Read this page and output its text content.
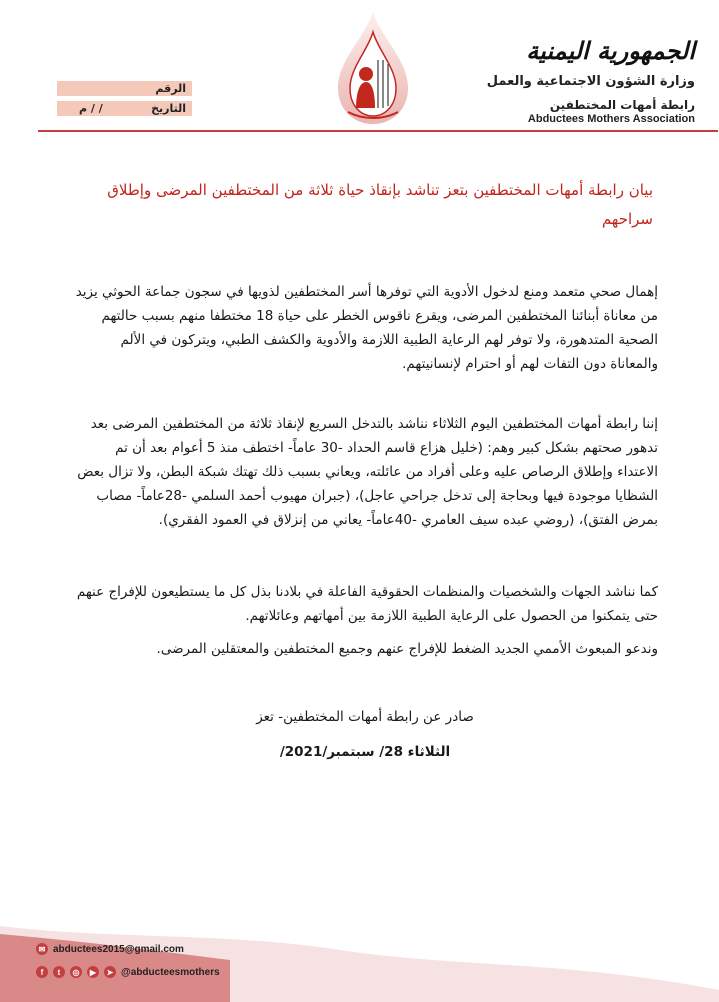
الرقم
التاريخ
/ / م
الجمهورية اليمنية
وزارة الشؤون الاجتماعية والعمل
رابطة أمهات المختطفين
Abductees Mothers Association
بيان رابطة أمهات المختطفين بتعز تناشد بإنقاذ حياة ثلاثة من المختطفين المرضى وإطلاق سراحهم
إهمال صحي متعمد ومنع لدخول الأدوية التي توفرها أسر المختطفين لذويها في سجون جماعة الحوثي يزيد من معاناة أبنائنا المختطفين المرضى، ويقرع ناقوس الخطر على حياة 18 مختطفا منهم بسبب حالتهم الصحية المتدهورة، ولا توفر لهم الرعاية الطبية اللازمة والأدوية والكشف الطبي، ويتركون في الألم والمعاناة دون التفات لهم أو احترام لإنسانيتهم.
إننا رابطة أمهات المختطفين اليوم الثلاثاء نناشد بالتدخل السريع لإنقاذ ثلاثة من المختطفين المرضى بعد تدهور صحتهم بشكل كبير وهم: (خليل هزاع قاسم الحداد -30 عاماً- اختطف منذ 5 أعوام بعد أن تم الاعتداء وإطلاق الرصاص عليه وعلى أفراد من عائلته، ويعاني بسبب ذلك تهتك شبكة البطن، ولا تزال بعض الشظايا موجودة فيها وبحاجة إلى تدخل جراحي عاجل)، (جبران مهيوب أحمد السلمي -28عاماً- مصاب بمرض الفتق)، (روضي عبده سيف العامري -40عاماً- يعاني من إنزلاق في العمود الفقري).
كما نناشد الجهات والشخصيات والمنظمات الحقوقية الفاعلة في بلادنا بذل كل ما يستطيعون للإفراج عنهم حتى يتمكنوا من الحصول على الرعاية الطبية اللازمة بين أمهاتهم وعائلاتهم.
وندعو المبعوث الأممي الجديد الضغط للإفراج عنهم وجميع المختطفين والمعتقلين المرضى.
صادر عن رابطة أمهات المختطفين- تعز
الثلاثاء 28/ سبتمبر/2021/
✉ abductees2015@gmail.com
f	t	◎	▶	➤ @abducteesmothers
